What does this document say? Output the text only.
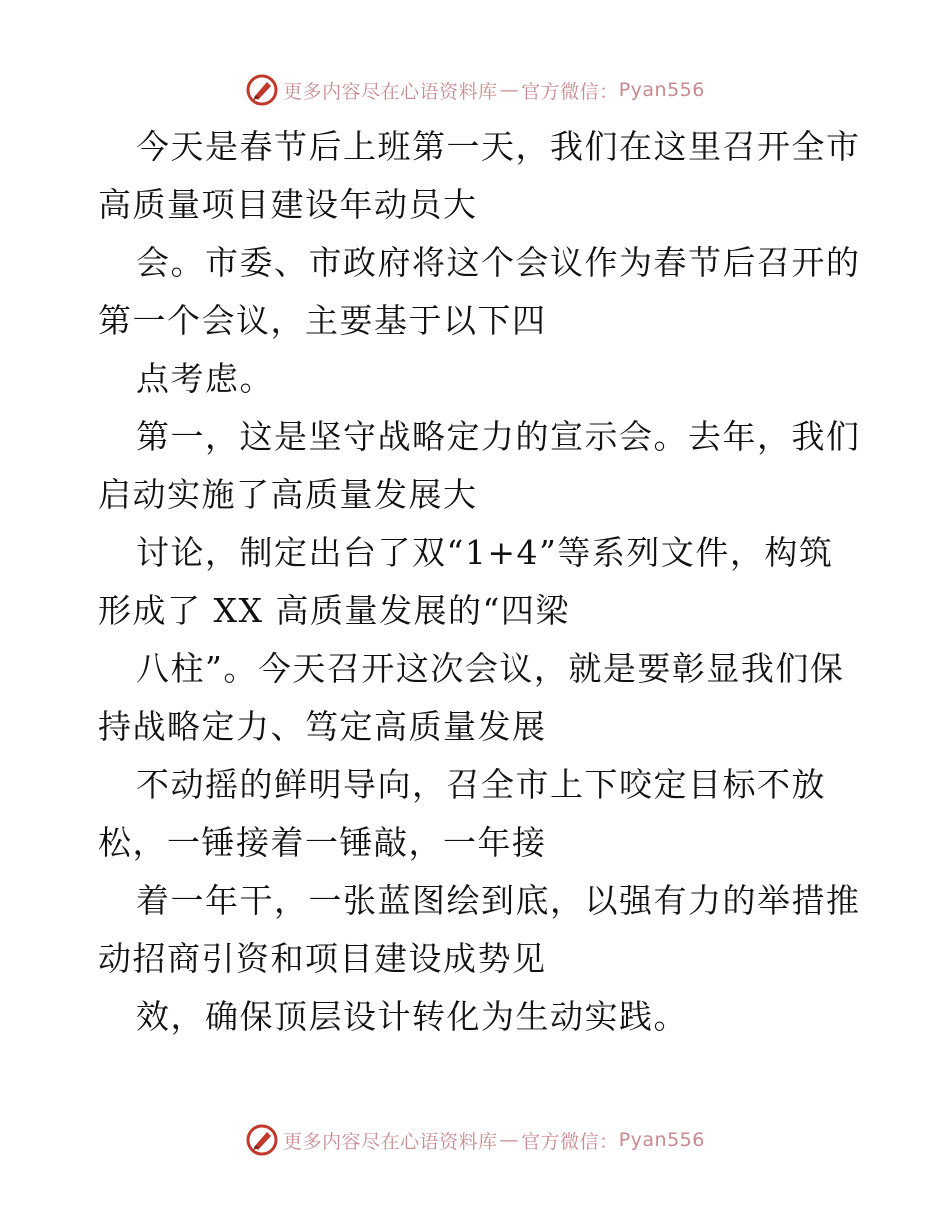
更多内容尽在心语资料库 — 官方微信： Pyan556
今天是春节后上班第一天，我们在这里召开全市
高质量项目建设年动员大
会。市委、市政府将这个会议作为春节后召开的
第一个会议，主要基于以下四
点考虑。
第一，这是坚守战略定力的宣示会。去年，我们
启动实施了高质量发展大
讨论，制定出台了双“1+4”等系列文件，构筑
形成了 XX 高质量发展的“四梁
八柱”。今天召开这次会议，就是要彰显我们保
持战略定力、笃定高质量发展
不动摇的鲜明导向，召全市上下咬定目标不放
松，一锤接着一锤敲，一年接
着一年干，一张蓝图绘到底，以强有力的举措推
动招商引资和项目建设成势见
效，确保顶层设计转化为生动实践。
更多内容尽在心语资料库 — 官方微信： Pyan556
